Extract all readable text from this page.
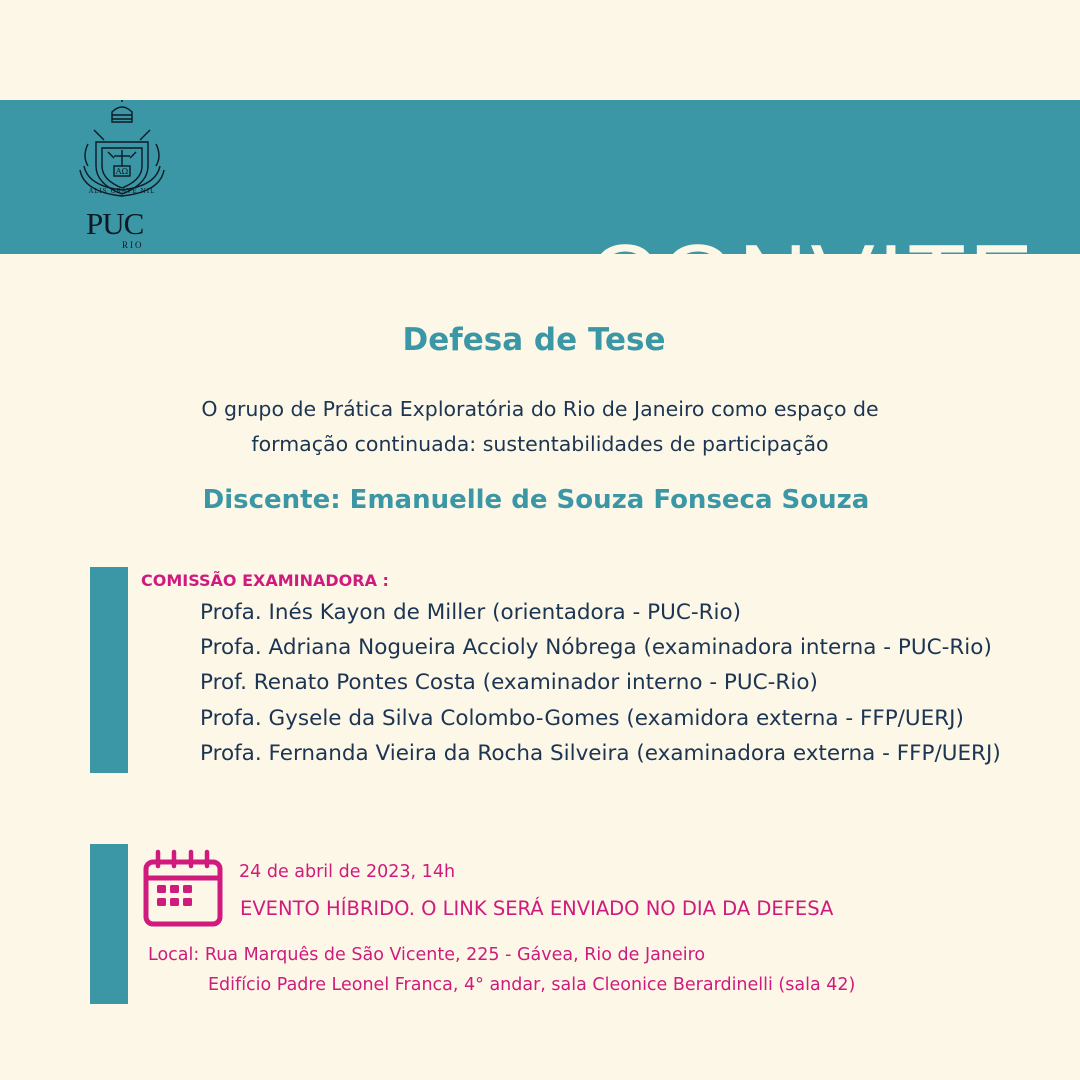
ΑΩ
ALIS GRAVE NIL
PUC
RIO	CONVITE
Defesa de Tese
O grupo de Prática Exploratória do Rio de Janeiro como espaço de
formação continuada: sustentabilidades de participação
Discente: Emanuelle de Souza Fonseca Souza
COMISSÃO EXAMINADORA :
Profa. Inés Kayon de Miller (orientadora - PUC-Rio)
Profa. Adriana Nogueira Accioly Nóbrega (examinadora interna - PUC-Rio)
Prof. Renato Pontes Costa (examinador interno - PUC-Rio)
Profa. Gysele da Silva Colombo-Gomes (examidora externa - FFP/UERJ)
Profa. Fernanda Vieira da Rocha Silveira (examinadora externa - FFP/UERJ)
24 de abril de 2023, 14h
EVENTO HÍBRIDO. O LINK SERÁ ENVIADO NO DIA DA DEFESA
Local: Rua Marquês de São Vicente, 225 - Gávea, Rio de Janeiro
Edifício Padre Leonel Franca, 4° andar, sala Cleonice Berardinelli (sala 42)
